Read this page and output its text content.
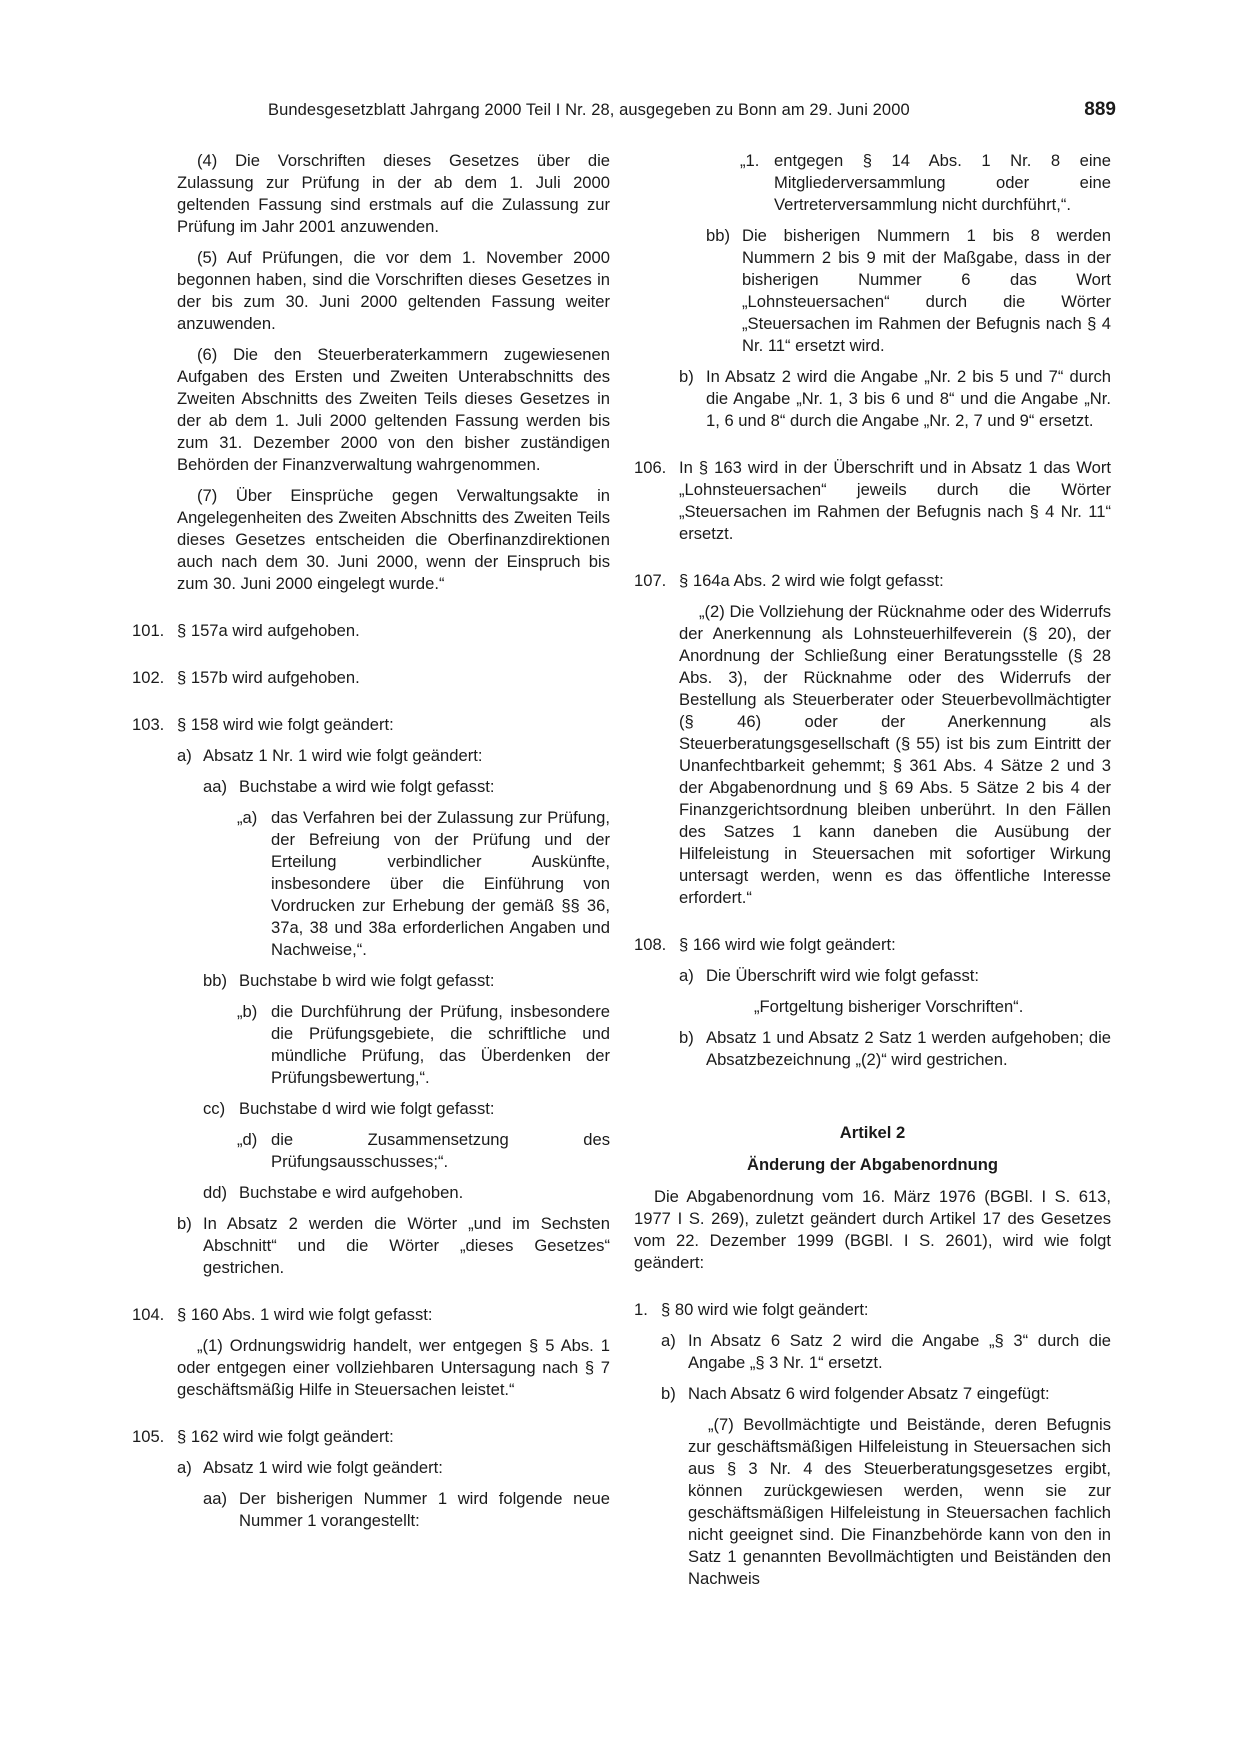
Bundesgesetzblatt Jahrgang 2000 Teil I Nr. 28, ausgegeben zu Bonn am 29. Juni 2000	889

(4) Die Vorschriften dieses Gesetzes über die Zulassung zur Prüfung in der ab dem 1. Juli 2000 geltenden Fassung sind erstmals auf die Zulassung zur Prüfung im Jahr 2001 anzuwenden.

(5) Auf Prüfungen, die vor dem 1. November 2000 begonnen haben, sind die Vorschriften dieses Gesetzes in der bis zum 30. Juni 2000 geltenden Fassung weiter anzuwenden.

(6) Die den Steuerberaterkammern zugewiesenen Aufgaben des Ersten und Zweiten Unterabschnitts des Zweiten Abschnitts des Zweiten Teils dieses Gesetzes in der ab dem 1. Juli 2000 geltenden Fassung werden bis zum 31. Dezember 2000 von den bisher zuständigen Behörden der Finanzverwaltung wahrgenommen.

(7) Über Einsprüche gegen Verwaltungsakte in Angelegenheiten des Zweiten Abschnitts des Zweiten Teils dieses Gesetzes entscheiden die Oberfinanzdirektionen auch nach dem 30. Juni 2000, wenn der Einspruch bis zum 30. Juni 2000 eingelegt wurde.“

101. § 157a wird aufgehoben.
102. § 157b wird aufgehoben.
103. § 158 wird wie folgt geändert:
a) Absatz 1 Nr. 1 wird wie folgt geändert:
aa) Buchstabe a wird wie folgt gefasst:
„a) das Verfahren bei der Zulassung zur Prüfung, der Befreiung von der Prüfung und der Erteilung verbindlicher Auskünfte, insbesondere über die Einführung von Vordrucken zur Erhebung der gemäß §§ 36, 37a, 38 und 38a erforderlichen Angaben und Nachweise,“.
bb) Buchstabe b wird wie folgt gefasst:
„b) die Durchführung der Prüfung, insbesondere die Prüfungsgebiete, die schriftliche und mündliche Prüfung, das Überdenken der Prüfungsbewertung,“.
cc) Buchstabe d wird wie folgt gefasst:
„d) die Zusammensetzung des Prüfungsausschusses;“.
dd) Buchstabe e wird aufgehoben.
b) In Absatz 2 werden die Wörter „und im Sechsten Abschnitt“ und die Wörter „dieses Gesetzes“ gestrichen.
104. § 160 Abs. 1 wird wie folgt gefasst:

„(1) Ordnungswidrig handelt, wer entgegen § 5 Abs. 1 oder entgegen einer vollziehbaren Untersagung nach § 7 geschäftsmäßig Hilfe in Steuersachen leistet.“

105. § 162 wird wie folgt geändert:
a) Absatz 1 wird wie folgt geändert:
aa) Der bisherigen Nummer 1 wird folgende neue Nummer 1 vorangestellt:
„1. entgegen § 14 Abs. 1 Nr. 8 eine Mitgliederversammlung oder eine Vertreterversammlung nicht durchführt,“.
bb) Die bisherigen Nummern 1 bis 8 werden Nummern 2 bis 9 mit der Maßgabe, dass in der bisherigen Nummer 6 das Wort „Lohnsteuersachen“ durch die Wörter „Steuersachen im Rahmen der Befugnis nach § 4 Nr. 11“ ersetzt wird.
b) In Absatz 2 wird die Angabe „Nr. 2 bis 5 und 7“ durch die Angabe „Nr. 1, 3 bis 6 und 8“ und die Angabe „Nr. 1, 6 und 8“ durch die Angabe „Nr. 2, 7 und 9“ ersetzt.
106. In § 163 wird in der Überschrift und in Absatz 1 das Wort „Lohnsteuersachen“ jeweils durch die Wörter „Steuersachen im Rahmen der Befugnis nach § 4 Nr. 11“ ersetzt.
107. § 164a Abs. 2 wird wie folgt gefasst:

„(2) Die Vollziehung der Rücknahme oder des Widerrufs der Anerkennung als Lohnsteuerhilfeverein (§ 20), der Anordnung der Schließung einer Beratungsstelle (§ 28 Abs. 3), der Rücknahme oder des Widerrufs der Bestellung als Steuerberater oder Steuerbevollmächtigter (§ 46) oder der Anerkennung als Steuerberatungsgesellschaft (§ 55) ist bis zum Eintritt der Unanfechtbarkeit gehemmt; § 361 Abs. 4 Sätze 2 und 3 der Abgabenordnung und § 69 Abs. 5 Sätze 2 bis 4 der Finanzgerichtsordnung bleiben unberührt. In den Fällen des Satzes 1 kann daneben die Ausübung der Hilfeleistung in Steuersachen mit sofortiger Wirkung untersagt werden, wenn es das öffentliche Interesse erfordert.“

108. § 166 wird wie folgt geändert:
a) Die Überschrift wird wie folgt gefasst:

„Fortgeltung bisheriger Vorschriften“.

b) Absatz 1 und Absatz 2 Satz 1 werden aufgehoben; die Absatzbezeichnung „(2)“ wird gestrichen.

Artikel 2

Änderung der Abgabenordnung

Die Abgabenordnung vom 16. März 1976 (BGBl. I S. 613, 1977 I S. 269), zuletzt geändert durch Artikel 17 des Gesetzes vom 22. Dezember 1999 (BGBl. I S. 2601), wird wie folgt geändert:

1. § 80 wird wie folgt geändert:
a) In Absatz 6 Satz 2 wird die Angabe „§ 3“ durch die Angabe „§ 3 Nr. 1“ ersetzt.
b) Nach Absatz 6 wird folgender Absatz 7 eingefügt:

„(7) Bevollmächtigte und Beistände, deren Befugnis zur geschäftsmäßigen Hilfeleistung in Steuersachen sich aus § 3 Nr. 4 des Steuerberatungsgesetzes ergibt, können zurückgewiesen werden, wenn sie zur geschäftsmäßigen Hilfeleistung in Steuersachen fachlich nicht geeignet sind. Die Finanzbehörde kann von den in Satz 1 genannten Bevollmächtigten und Beiständen den Nachweis
